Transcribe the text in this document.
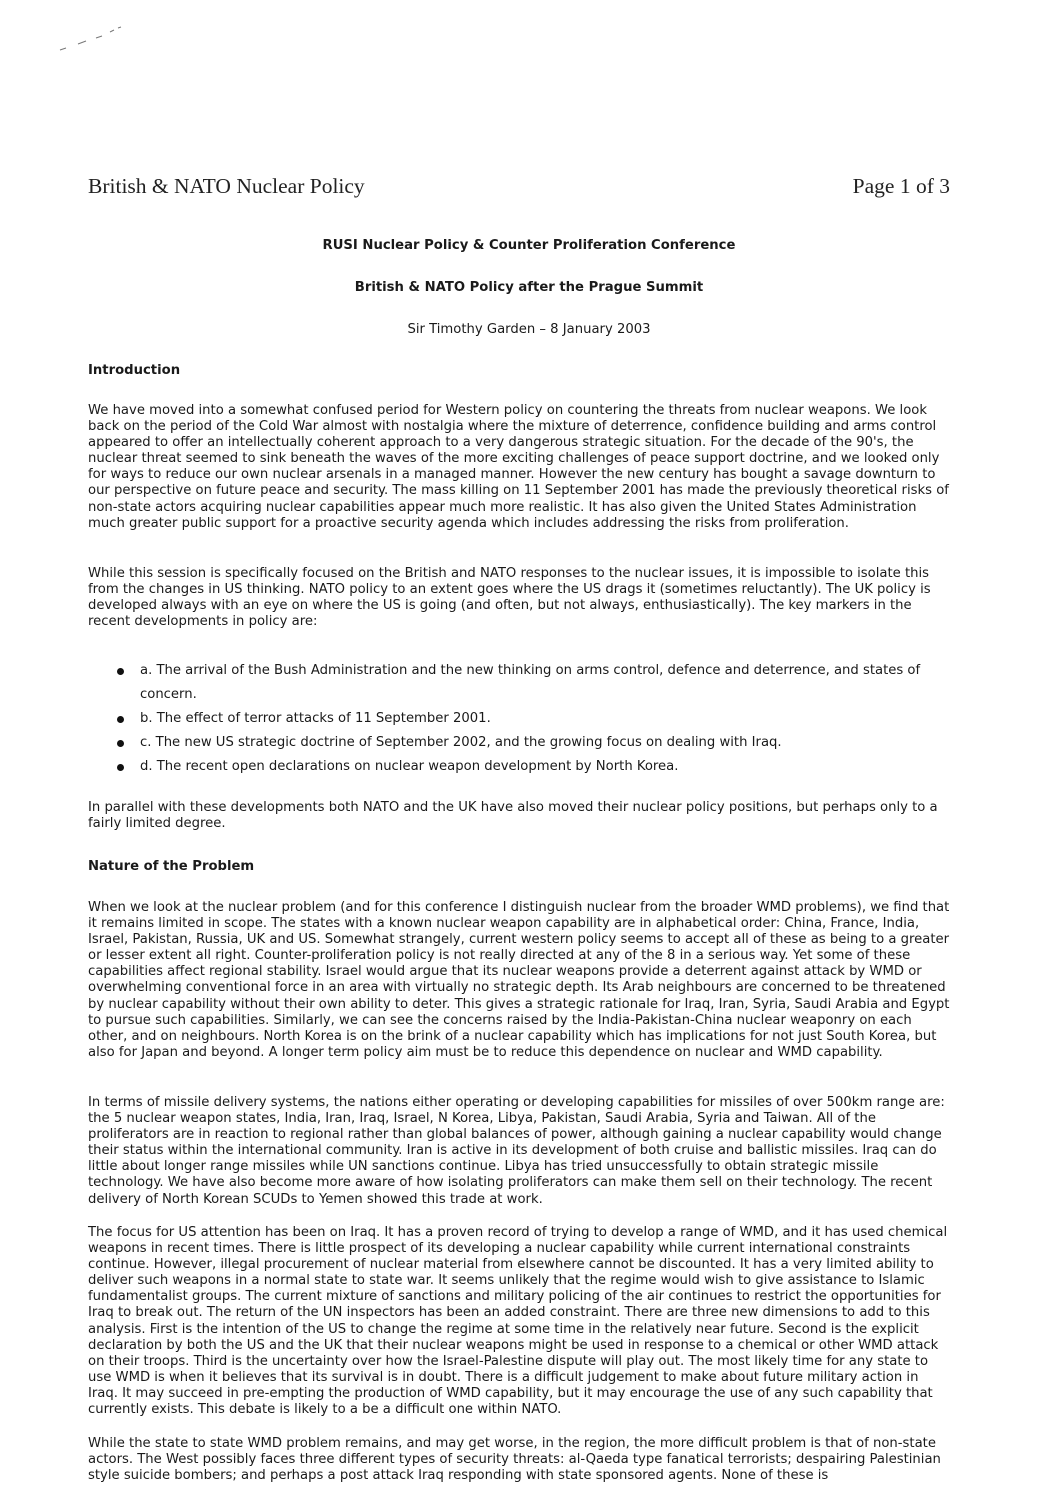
British & NATO Nuclear Policy	Page 1 of 3
RUSI Nuclear Policy & Counter Proliferation Conference
British & NATO Policy after the Prague Summit
Sir Timothy Garden – 8 January 2003
Introduction

We have moved into a somewhat confused period for Western policy on countering the threats from nuclear weapons. We look back on the period of the Cold War almost with nostalgia where the mixture of deterrence, confidence building and arms control appeared to offer an intellectually coherent approach to a very dangerous strategic situation. For the decade of the 90's, the nuclear threat seemed to sink beneath the waves of the more exciting challenges of peace support doctrine, and we looked only for ways to reduce our own nuclear arsenals in a managed manner. However the new century has bought a savage downturn to our perspective on future peace and security. The mass killing on 11 September 2001 has made the previously theoretical risks of non-state actors acquiring nuclear capabilities appear much more realistic. It has also given the United States Administration much greater public support for a proactive security agenda which includes addressing the risks from proliferation.

While this session is specifically focused on the British and NATO responses to the nuclear issues, it is impossible to isolate this from the changes in US thinking. NATO policy to an extent goes where the US drags it (sometimes reluctantly). The UK policy is developed always with an eye on where the US is going (and often, but not always, enthusiastically). The key markers in the recent developments in policy are:

a. The arrival of the Bush Administration and the new thinking on arms control, defence and deterrence, and states of concern.
b. The effect of terror attacks of 11 September 2001.
c. The new US strategic doctrine of September 2002, and the growing focus on dealing with Iraq.
d. The recent open declarations on nuclear weapon development by North Korea.

In parallel with these developments both NATO and the UK have also moved their nuclear policy positions, but perhaps only to a fairly limited degree.

Nature of the Problem

When we look at the nuclear problem (and for this conference I distinguish nuclear from the broader WMD problems), we find that it remains limited in scope. The states with a known nuclear weapon capability are in alphabetical order: China, France, India, Israel, Pakistan, Russia, UK and US. Somewhat strangely, current western policy seems to accept all of these as being to a greater or lesser extent all right. Counter-proliferation policy is not really directed at any of the 8 in a serious way. Yet some of these capabilities affect regional stability. Israel would argue that its nuclear weapons provide a deterrent against attack by WMD or overwhelming conventional force in an area with virtually no strategic depth. Its Arab neighbours are concerned to be threatened by nuclear capability without their own ability to deter. This gives a strategic rationale for Iraq, Iran, Syria, Saudi Arabia and Egypt to pursue such capabilities. Similarly, we can see the concerns raised by the India-Pakistan-China nuclear weaponry on each other, and on neighbours. North Korea is on the brink of a nuclear capability which has implications for not just South Korea, but also for Japan and beyond. A longer term policy aim must be to reduce this dependence on nuclear and WMD capability.

In terms of missile delivery systems, the nations either operating or developing capabilities for missiles of over 500km range are: the 5 nuclear weapon states, India, Iran, Iraq, Israel, N Korea, Libya, Pakistan, Saudi Arabia, Syria and Taiwan. All of the proliferators are in reaction to regional rather than global balances of power, although gaining a nuclear capability would change their status within the international community. Iran is active in its development of both cruise and ballistic missiles. Iraq can do little about longer range missiles while UN sanctions continue. Libya has tried unsuccessfully to obtain strategic missile technology. We have also become more aware of how isolating proliferators can make them sell on their technology. The recent delivery of North Korean SCUDs to Yemen showed this trade at work.

The focus for US attention has been on Iraq. It has a proven record of trying to develop a range of WMD, and it has used chemical weapons in recent times. There is little prospect of its developing a nuclear capability while current international constraints continue. However, illegal procurement of nuclear material from elsewhere cannot be discounted. It has a very limited ability to deliver such weapons in a normal state to state war. It seems unlikely that the regime would wish to give assistance to Islamic fundamentalist groups. The current mixture of sanctions and military policing of the air continues to restrict the opportunities for Iraq to break out. The return of the UN inspectors has been an added constraint. There are three new dimensions to add to this analysis. First is the intention of the US to change the regime at some time in the relatively near future. Second is the explicit declaration by both the US and the UK that their nuclear weapons might be used in response to a chemical or other WMD attack on their troops. Third is the uncertainty over how the Israel-Palestine dispute will play out. The most likely time for any state to use WMD is when it believes that its survival is in doubt. There is a difficult judgement to make about future military action in Iraq. It may succeed in pre-empting the production of WMD capability, but it may encourage the use of any such capability that currently exists. This debate is likely to a be a difficult one within NATO.

While the state to state WMD problem remains, and may get worse, in the region, the more difficult problem is that of non-state actors. The West possibly faces three different types of security threats: al-Qaeda type fanatical terrorists; despairing Palestinian style suicide bombers; and perhaps a post attack Iraq responding with state sponsored agents. None of these is
